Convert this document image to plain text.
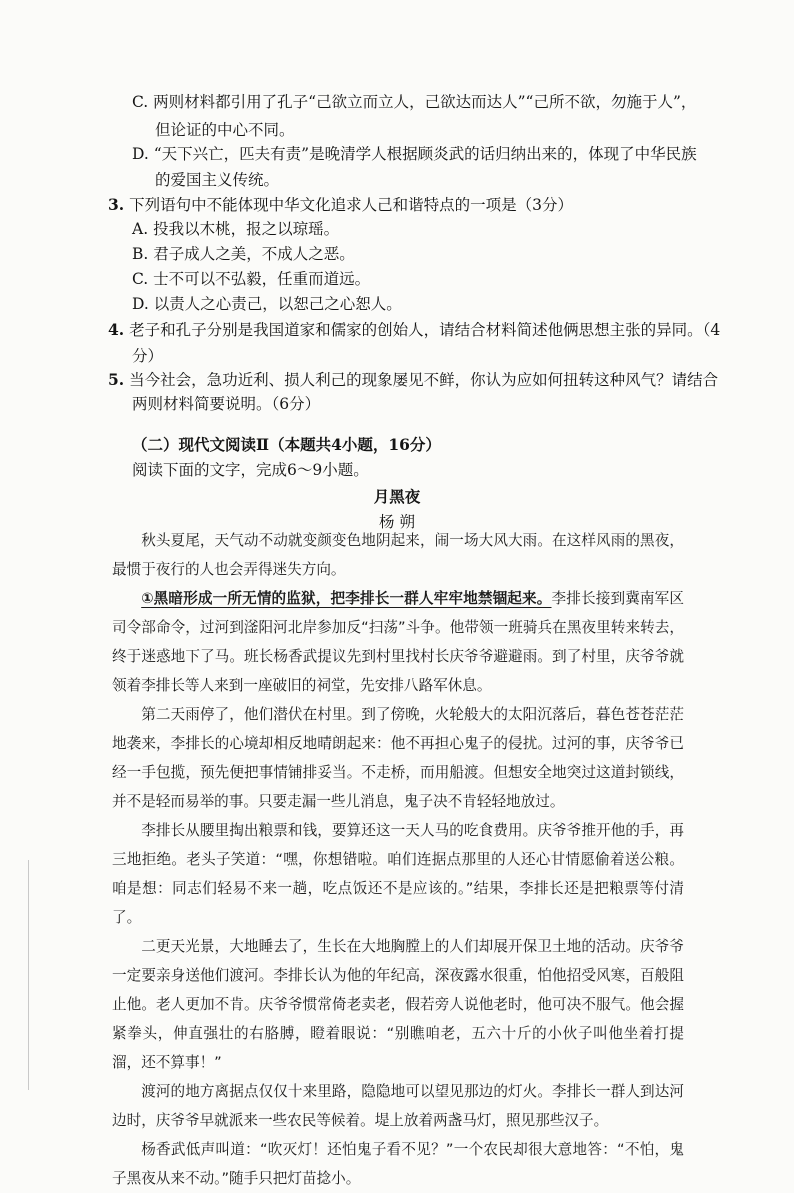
C. 两则材料都引用了孔子“己欲立而立人，己欲达而达人”“己所不欲，勿施于人”，
但论证的中心不同。
D. “天下兴亡，匹夫有责”是晚清学人根据顾炎武的话归纳出来的，体现了中华民族
的爱国主义传统。
3. 下列语句中不能体现中华文化追求人己和谐特点的一项是（3分）
A. 投我以木桃，报之以琼瑶。
B. 君子成人之美，不成人之恶。
C. 士不可以不弘毅，任重而道远。
D. 以责人之心责己，以恕己之心恕人。
4. 老子和孔子分别是我国道家和儒家的创始人，请结合材料简述他俩思想主张的异同。（4
分）
5. 当今社会，急功近利、损人利己的现象屡见不鲜，你认为应如何扭转这种风气？请结合
两则材料简要说明。（6分）
（二）现代文阅读Ⅱ（本题共4小题，16分）
阅读下面的文字，完成6～9小题。
月黑夜
杨 朔

秋头夏尾，天气动不动就变颜变色地阴起来，闹一场大风大雨。在这样风雨的黑夜，最惯于夜行的人也会弄得迷失方向。

①黑暗形成一所无情的监狱，把李排长一群人牢牢地禁锢起来。李排长接到冀南军区司令部命令，过河到滏阳河北岸参加反“扫荡”斗争。他带领一班骑兵在黑夜里转来转去，终于迷惑地下了马。班长杨香武提议先到村里找村长庆爷爷避避雨。到了村里，庆爷爷就领着李排长等人来到一座破旧的祠堂，先安排八路军休息。

第二天雨停了，他们潜伏在村里。到了傍晚，火轮般大的太阳沉落后，暮色苍苍茫茫地袭来，李排长的心境却相反地晴朗起来：他不再担心鬼子的侵扰。过河的事，庆爷爷已经一手包揽，预先便把事情铺排妥当。不走桥，而用船渡。但想安全地突过这道封锁线，并不是轻而易举的事。只要走漏一些儿消息，鬼子决不肯轻轻地放过。

李排长从腰里掏出粮票和钱，要算还这一天人马的吃食费用。庆爷爷推开他的手，再三地拒绝。老头子笑道：“嘿，你想错啦。咱们连据点那里的人还心甘情愿偷着送公粮。咱是想：同志们轻易不来一趟，吃点饭还不是应该的。”结果，李排长还是把粮票等付清了。

二更天光景，大地睡去了，生长在大地胸膛上的人们却展开保卫土地的活动。庆爷爷一定要亲身送他们渡河。李排长认为他的年纪高，深夜露水很重，怕他招受风寒，百般阻止他。老人更加不肯。庆爷爷惯常倚老卖老，假若旁人说他老时，他可决不服气。他会握紧拳头，伸直强壮的右胳膊，瞪着眼说：“别瞧咱老，五六十斤的小伙子叫他坐着打提溜，还不算事！”

渡河的地方离据点仅仅十来里路，隐隐地可以望见那边的灯火。李排长一群人到达河边时，庆爷爷早就派来一些农民等候着。堤上放着两盏马灯，照见那些汉子。

杨香武低声叫道：“吹灭灯！还怕鬼子看不见？”一个农民却很大意地答：“不怕，鬼子黑夜从来不动。”随手只把灯苗捻小。
